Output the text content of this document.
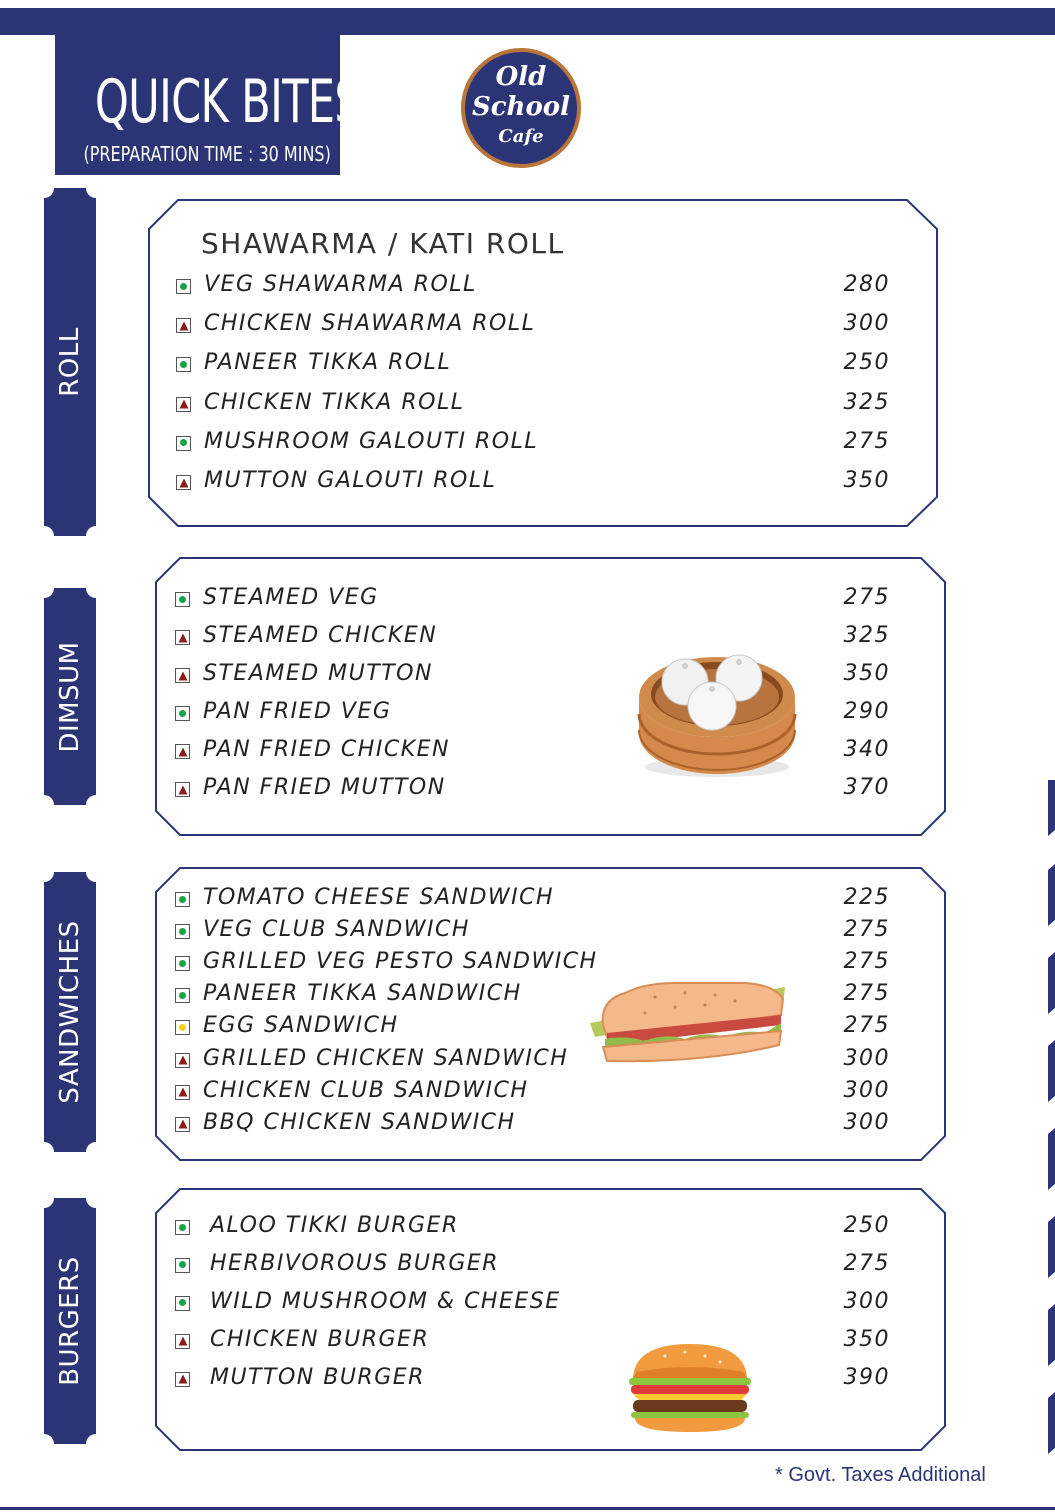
QUICK BITES
(PREPARATION TIME : 30 MINS)
Old
School
Cafe
ROLL
SHAWARMA / KATI ROLL
VEG SHAWARMA ROLL	280
CHICKEN SHAWARMA ROLL	300
PANEER TIKKA ROLL	250
CHICKEN TIKKA ROLL	325
MUSHROOM GALOUTI ROLL	275
MUTTON GALOUTI ROLL	350
DIMSUM
STEAMED VEG	275
STEAMED CHICKEN	325
STEAMED MUTTON	350
PAN FRIED VEG	290
PAN FRIED CHICKEN	340
PAN FRIED MUTTON	370
SANDWICHES
TOMATO CHEESE SANDWICH	225
VEG CLUB SANDWICH	275
GRILLED VEG PESTO SANDWICH	275
PANEER TIKKA SANDWICH	275
EGG SANDWICH	275
GRILLED CHICKEN SANDWICH	300
CHICKEN CLUB SANDWICH	300
BBQ CHICKEN SANDWICH	300
BURGERS
ALOO TIKKI BURGER	250
HERBIVOROUS BURGER	275
WILD MUSHROOM & CHEESE	300
CHICKEN BURGER	350
MUTTON BURGER	390
* Govt. Taxes Additional
